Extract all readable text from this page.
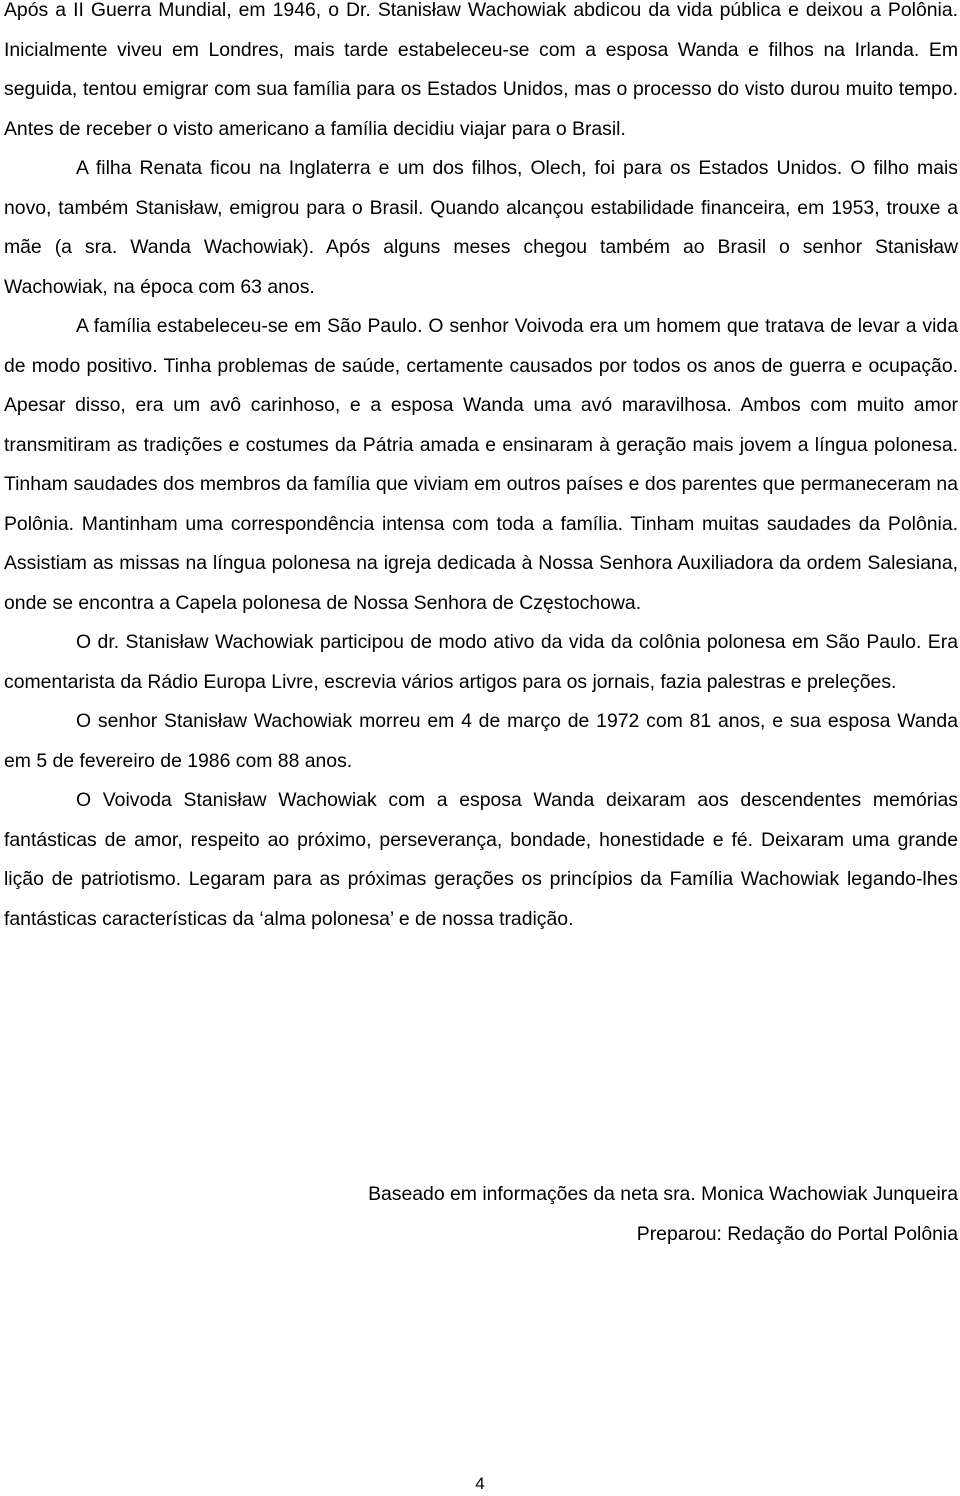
Após a II Guerra Mundial, em 1946, o Dr. Stanisław Wachowiak abdicou da vida pública e deixou a Polônia. Inicialmente viveu em Londres, mais tarde estabeleceu-se com a esposa Wanda e filhos na Irlanda. Em seguida, tentou emigrar com sua família para os Estados Unidos, mas o processo do visto durou muito tempo. Antes de receber o visto americano a família decidiu viajar para o Brasil.

A filha Renata ficou na Inglaterra e um dos filhos, Olech, foi para os Estados Unidos. O filho mais novo, também Stanisław, emigrou para o Brasil. Quando alcançou estabilidade financeira, em 1953, trouxe a mãe (a sra. Wanda Wachowiak). Após alguns meses chegou também ao Brasil o senhor Stanisław Wachowiak, na época com 63 anos.

A família estabeleceu-se em São Paulo. O senhor Voivoda era um homem que tratava de levar a vida de modo positivo. Tinha problemas de saúde, certamente causados por todos os anos de guerra e ocupação. Apesar disso, era um avô carinhoso, e a esposa Wanda uma avó maravilhosa. Ambos com muito amor transmitiram as tradições e costumes da Pátria amada e ensinaram à geração mais jovem a língua polonesa. Tinham saudades dos membros da família que viviam em outros países e dos parentes que permaneceram na Polônia. Mantinham uma correspondência intensa com toda a família. Tinham muitas saudades da Polônia. Assistiam as missas na língua polonesa na igreja dedicada à Nossa Senhora Auxiliadora da ordem Salesiana, onde se encontra a Capela polonesa de Nossa Senhora de Częstochowa.

O dr. Stanisław Wachowiak participou de modo ativo da vida da colônia polonesa em São Paulo. Era comentarista da Rádio Europa Livre, escrevia vários artigos para os jornais, fazia palestras e preleções.

O senhor Stanisław Wachowiak morreu em 4 de março de 1972 com 81 anos, e sua esposa Wanda em 5 de fevereiro de 1986 com 88 anos.

O Voivoda Stanisław Wachowiak com a esposa Wanda deixaram aos descendentes memórias fantásticas de amor, respeito ao próximo, perseverança, bondade, honestidade e fé. Deixaram uma grande lição de patriotismo. Legaram para as próximas gerações os princípios da Família Wachowiak legando-lhes fantásticas características da ‘alma polonesa’ e de nossa tradição.

Baseado em informações da neta sra. Monica Wachowiak Junqueira
Preparou: Redação do Portal Polônia
4
